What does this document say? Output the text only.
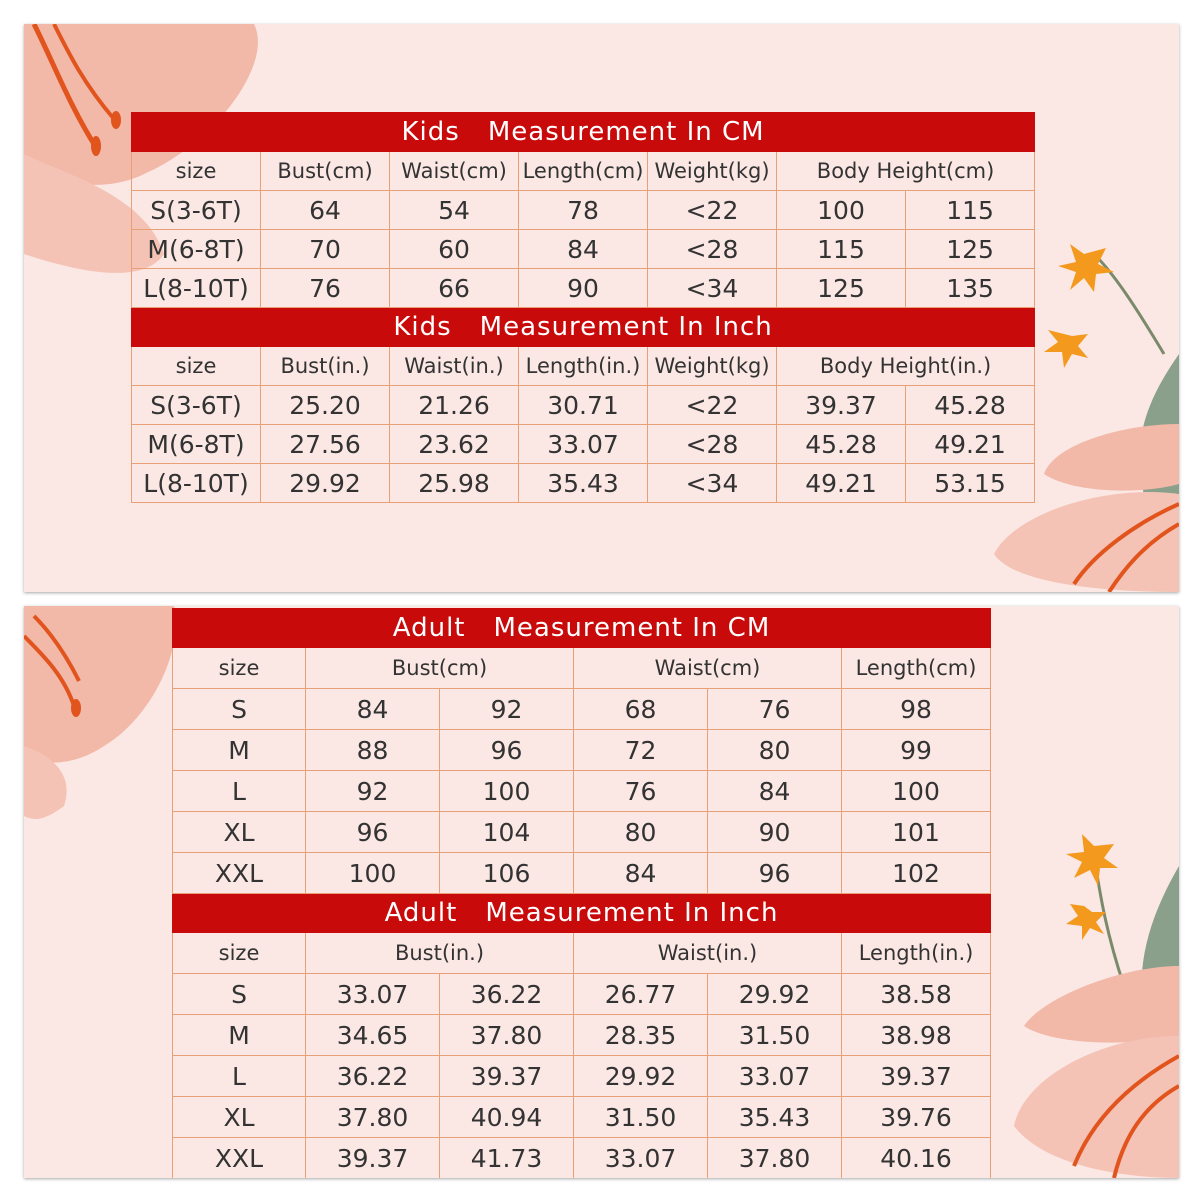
Kids Measurement In CM						
size	Bust(cm)	Waist(cm)	Length(cm)	Weight(kg)	Body Height(cm)	
S(3-6T)	64	54	78	<22	100	115
M(6-8T)	70	60	84	<28	115	125
L(8-10T)	76	66	90	<34	125	135
Kids Measurement In Inch						
size	Bust(in.)	Waist(in.)	Length(in.)	Weight(kg)	Body Height(in.)	
S(3-6T)	25.20	21.26	30.71	<22	39.37	45.28
M(6-8T)	27.56	23.62	33.07	<28	45.28	49.21
L(8-10T)	29.92	25.98	35.43	<34	49.21	53.15
Adult Measurement In CM					
size	Bust(cm)		Waist(cm)		Length(cm)
S	84	92	68	76	98
M	88	96	72	80	99
L	92	100	76	84	100
XL	96	104	80	90	101
XXL	100	106	84	96	102
Adult Measurement In Inch					
size	Bust(in.)		Waist(in.)		Length(in.)
S	33.07	36.22	26.77	29.92	38.58
M	34.65	37.80	28.35	31.50	38.98
L	36.22	39.37	29.92	33.07	39.37
XL	37.80	40.94	31.50	35.43	39.76
XXL	39.37	41.73	33.07	37.80	40.16
